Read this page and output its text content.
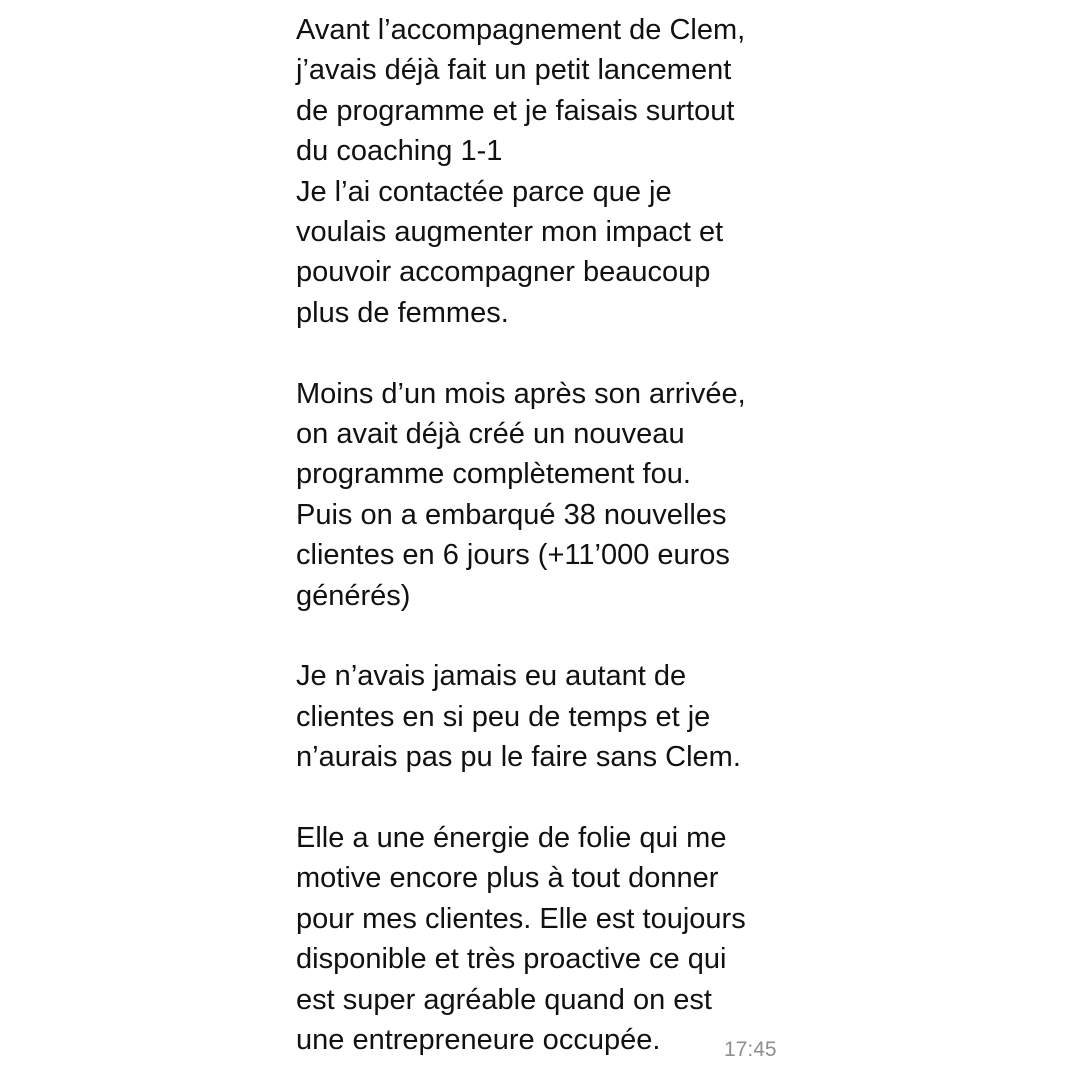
Avant l’accompagnement de Clem,
j’avais déjà fait un petit lancement
de programme et je faisais surtout
du coaching 1-1
Je l’ai contactée parce que je
voulais augmenter mon impact et
pouvoir accompagner beaucoup
plus de femmes.
Moins d’un mois après son arrivée,
on avait déjà créé un nouveau
programme complètement fou.
Puis on a embarqué 38 nouvelles
clientes en 6 jours (+11’000 euros
générés)
Je n’avais jamais eu autant de
clientes en si peu de temps et je
n’aurais pas pu le faire sans Clem.
Elle a une énergie de folie qui me
motive encore plus à tout donner
pour mes clientes. Elle est toujours
disponible et très proactive ce qui
est super agréable quand on est
une entrepreneure occupée.	17:45
